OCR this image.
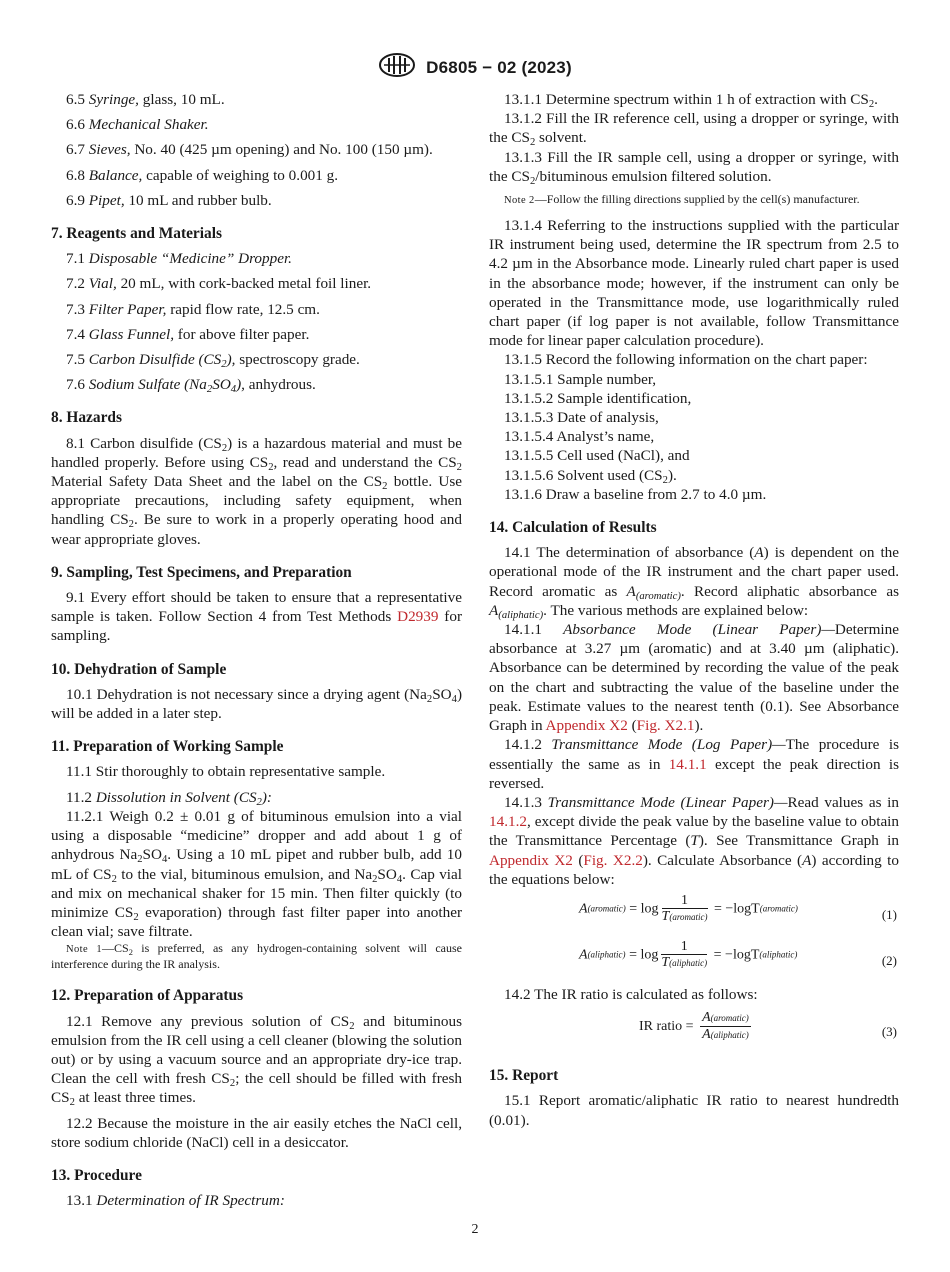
D6805 − 02 (2023)

6.5 Syringe, glass, 10 mL.

6.6 Mechanical Shaker.

6.7 Sieves, No. 40 (425 µm opening) and No. 100 (150 µm).

6.8 Balance, capable of weighing to 0.001 g.

6.9 Pipet, 10 mL and rubber bulb.

7. Reagents and Materials

7.1 Disposable “Medicine” Dropper.

7.2 Vial, 20 mL, with cork-backed metal foil liner.

7.3 Filter Paper, rapid flow rate, 12.5 cm.

7.4 Glass Funnel, for above filter paper.

7.5 Carbon Disulfide $(CS_2)$, spectroscopy grade.

7.6 Sodium Sulfate $(Na_2SO_4)$, anhydrous.

8. Hazards

8.1 Carbon disulfide $(CS_2)$ is a hazardous material and must be handled properly. Before using $CS_2$, read and understand the $CS_2$ Material Safety Data Sheet and the label on the $CS_2$ bottle. Use appropriate precautions, including safety equipment, when handling $CS_2$. Be sure to work in a properly operating hood and wear appropriate gloves.

9. Sampling, Test Specimens, and Preparation

9.1 Every effort should be taken to ensure that a representative sample is taken. Follow Section 4 from Test Methods D2939 for sampling.

10. Dehydration of Sample

10.1 Dehydration is not necessary since a drying agent $(Na_2SO_4)$ will be added in a later step.

11. Preparation of Working Sample

11.1 Stir thoroughly to obtain representative sample.

11.2 Dissolution in Solvent $(CS_2)$:

11.2.1 Weigh 0.2 ± 0.01 g of bituminous emulsion into a vial using a disposable “medicine” dropper and add about 1 g of anhydrous $Na_2SO_4$. Using a 10 mL pipet and rubber bulb, add 10 mL of $CS_2$ to the vial, bituminous emulsion, and $Na_2SO_4$. Cap vial and mix on mechanical shaker for 15 min. Then filter quickly (to minimize $CS_2$ evaporation) through fast filter paper into another clean vial; save filtrate.

Note $1—CS_2$ is preferred, as any hydrogen-containing solvent will cause interference during the IR analysis.

12. Preparation of Apparatus

12.1 Remove any previous solution of $CS_2$ and bituminous emulsion from the IR cell using a cell cleaner (blowing the solution out) or by using a vacuum source and an appropriate dry-ice trap. Clean the cell with fresh $CS_2$; the cell should be filled with fresh $CS_2$ at least three times.

12.2 Because the moisture in the air easily etches the NaCl cell, store sodium chloride (NaCl) cell in a desiccator.

13. Procedure

13.1 Determination of IR Spectrum:

13.1.1 Determine spectrum within 1 h of extraction with $CS_2$.

13.1.2 Fill the IR reference cell, using a dropper or syringe, with the $CS_2$ solvent.

13.1.3 Fill the IR sample cell, using a dropper or syringe, with the $CS_2$/bituminous emulsion filtered solution.

Note 2—Follow the filling directions supplied by the cell(s) manufacturer.

13.1.4 Referring to the instructions supplied with the particular IR instrument being used, determine the IR spectrum from 2.5 to 4.2 µm in the Absorbance mode. Linearly ruled chart paper is used in the absorbance mode; however, if the instrument can only be operated in the Transmittance mode, use logarithmically ruled chart paper (if log paper is not available, follow Transmittance mode for linear paper calculation procedure).

13.1.5 Record the following information on the chart paper:

13.1.5.1 Sample number,

13.1.5.2 Sample identification,

13.1.5.3 Date of analysis,

13.1.5.4 Analyst’s name,

13.1.5.5 Cell used (NaCl), and

13.1.5.6 Solvent used $(CS_2)$.

13.1.6 Draw a baseline from 2.7 to 4.0 µm.

14. Calculation of Results

14.1 The determination of absorbance (A) is dependent on the operational mode of the IR instrument and the chart paper used. Record aromatic as $A_{(aromatic)}$. Record aliphatic absorbance as $A_{(aliphatic)}$. The various methods are explained below:

14.1.1 Absorbance Mode (Linear Paper)—Determine absorbance at 3.27 µm (aromatic) and at 3.40 µm (aliphatic). Absorbance can be determined by recording the value of the peak on the chart and subtracting the value of the baseline under the peak. Estimate values to the nearest tenth (0.1). See Absorbance Graph in Appendix X2 (Fig. X2.1).

14.1.2 Transmittance Mode (Log Paper)—The procedure is essentially the same as in 14.1.1 except the peak direction is reversed.

14.1.3 Transmittance Mode (Linear Paper)—Read values as in 14.1.2, except divide the peak value by the baseline value to obtain the Transmittance Percentage (T). See Transmittance Graph in Appendix X2 (Fig. X2.2). Calculate Absorbance (A) according to the equations below:

A(aromatic) = $\log \frac{1}{\text{T(aromatic)}}$ = −logT(aromatic)	(1)
A(aliphatic) = $\log \frac{1}{\text{T(aliphatic)}}$ = −logT(aliphatic)	(2)

14.2 The IR ratio is calculated as follows:

IR ratio = $\frac{\text{A(aromatic)}}{\text{A(aliphatic)}}$	(3)
15. Report

15.1 Report aromatic/aliphatic IR ratio to nearest hundredth (0.01).

2
